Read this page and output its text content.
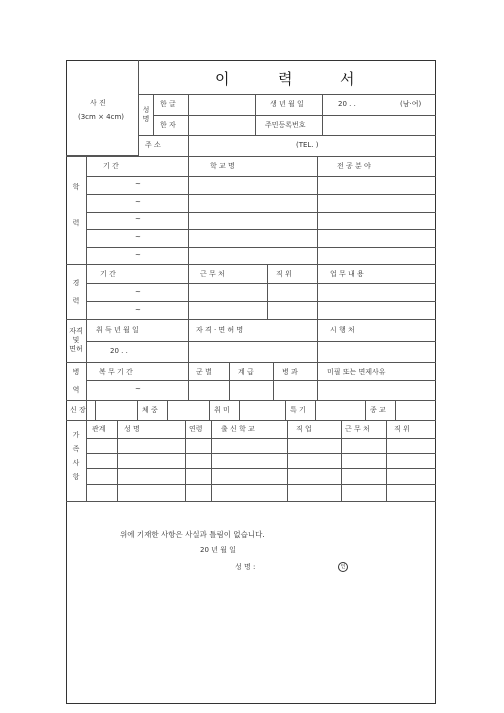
이	력	서
사 진
(3cm × 4cm)
성명
한 글
한 자
생 년 월 일	20 . .	(남·여)
주민등록번호
주 소	(TEL. )
학

력
기 간	학 교 명	전 공 분 야
~
~
~
~
~
경

력
기 간	근 무 처	직 위	업 무 내 용
~
~
자격
및
면허
취 득 년 월 일	자 격 · 면 허 명	시 행 처
20 . .
병

역
복 무 기 간	군 별	계 급	병 과	미필 또는 면제사유
~
신 장	체 중	취 미	특 기	종 교
가

족

사

항
관계	성 명	연령	출 신 학 교	직 업	근 무 처	직 위
위에 기재한 사항은 사실과 틀림이 없습니다.
20 년 월 일
성 명 :	인
